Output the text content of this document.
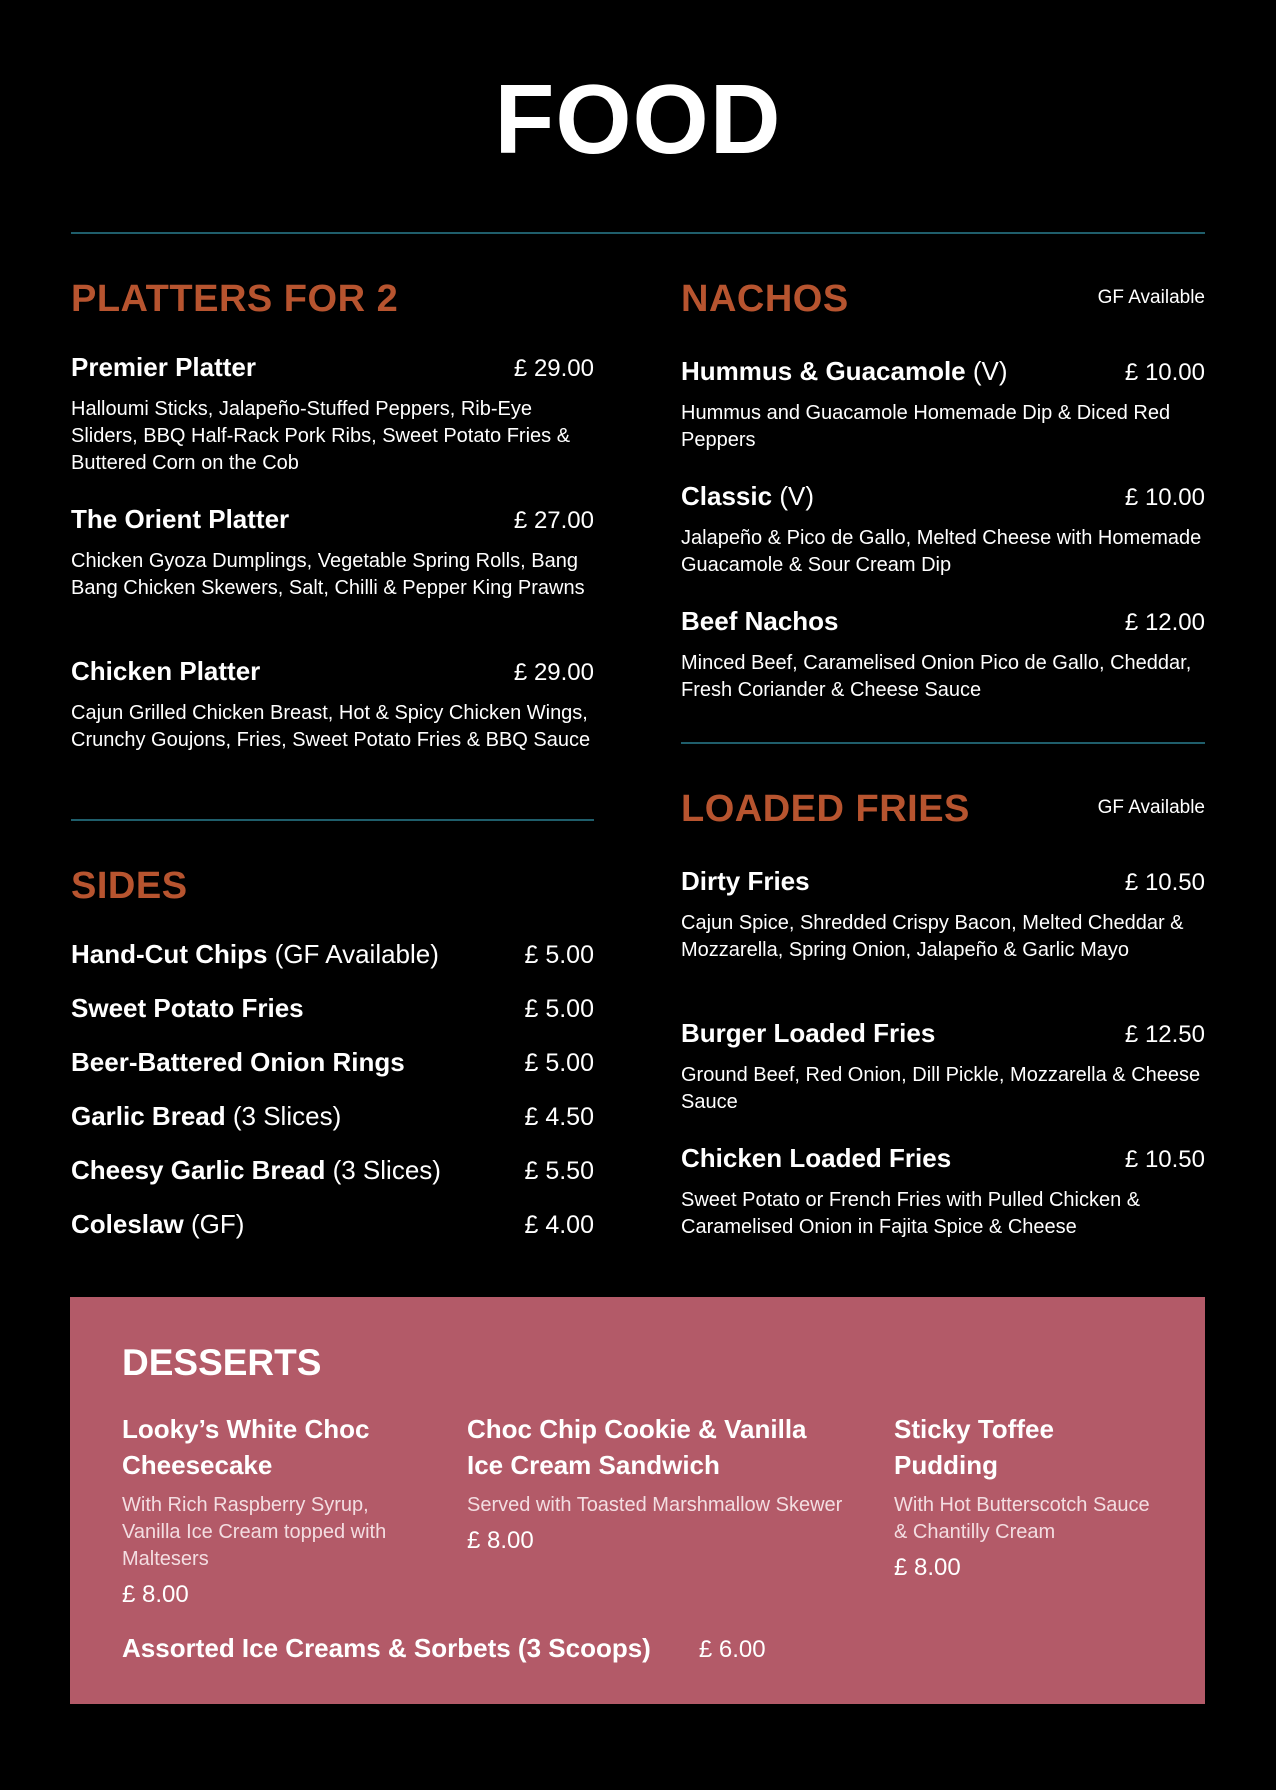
FOOD
PLATTERS FOR 2
Premier Platter	£ 29.00
Halloumi Sticks, Jalapeño-Stuffed Peppers, Rib-Eye Sliders, BBQ Half-Rack Pork Ribs, Sweet Potato Fries & Buttered Corn on the Cob
The Orient Platter	£ 27.00
Chicken Gyoza Dumplings, Vegetable Spring Rolls, Bang Bang Chicken Skewers, Salt, Chilli & Pepper King Prawns
Chicken Platter	£ 29.00
Cajun Grilled Chicken Breast, Hot & Spicy Chicken Wings, Crunchy Goujons, Fries, Sweet Potato Fries & BBQ Sauce
SIDES
Hand-Cut Chips (GF Available)	£ 5.00
Sweet Potato Fries	£ 5.00
Beer-Battered Onion Rings	£ 5.00
Garlic Bread (3 Slices)	£ 4.50
Cheesy Garlic Bread (3 Slices)	£ 5.50
Coleslaw (GF)	£ 4.00
NACHOS	GF Available
Hummus & Guacamole (V)	£ 10.00
Hummus and Guacamole Homemade Dip & Diced Red Peppers
Classic (V)	£ 10.00
Jalapeño & Pico de Gallo, Melted Cheese with Homemade Guacamole & Sour Cream Dip
Beef Nachos	£ 12.00
Minced Beef, Caramelised Onion Pico de Gallo, Cheddar, Fresh Coriander & Cheese Sauce
LOADED FRIES	GF Available
Dirty Fries	£ 10.50
Cajun Spice, Shredded Crispy Bacon, Melted Cheddar & Mozzarella, Spring Onion, Jalapeño & Garlic Mayo
Burger Loaded Fries	£ 12.50
Ground Beef, Red Onion, Dill Pickle, Mozzarella & Cheese Sauce
Chicken Loaded Fries	£ 10.50
Sweet Potato or French Fries with Pulled Chicken & Caramelised Onion in Fajita Spice & Cheese
DESSERTS
Looky’s White Choc Cheesecake
With Rich Raspberry Syrup, Vanilla Ice Cream topped with Maltesers
£ 8.00
Choc Chip Cookie & Vanilla Ice Cream Sandwich
Served with Toasted Marshmallow Skewer
£ 8.00
Sticky Toffee Pudding
With Hot Butterscotch Sauce & Chantilly Cream
£ 8.00
Assorted Ice Creams & Sorbets (3 Scoops) £ 6.00
